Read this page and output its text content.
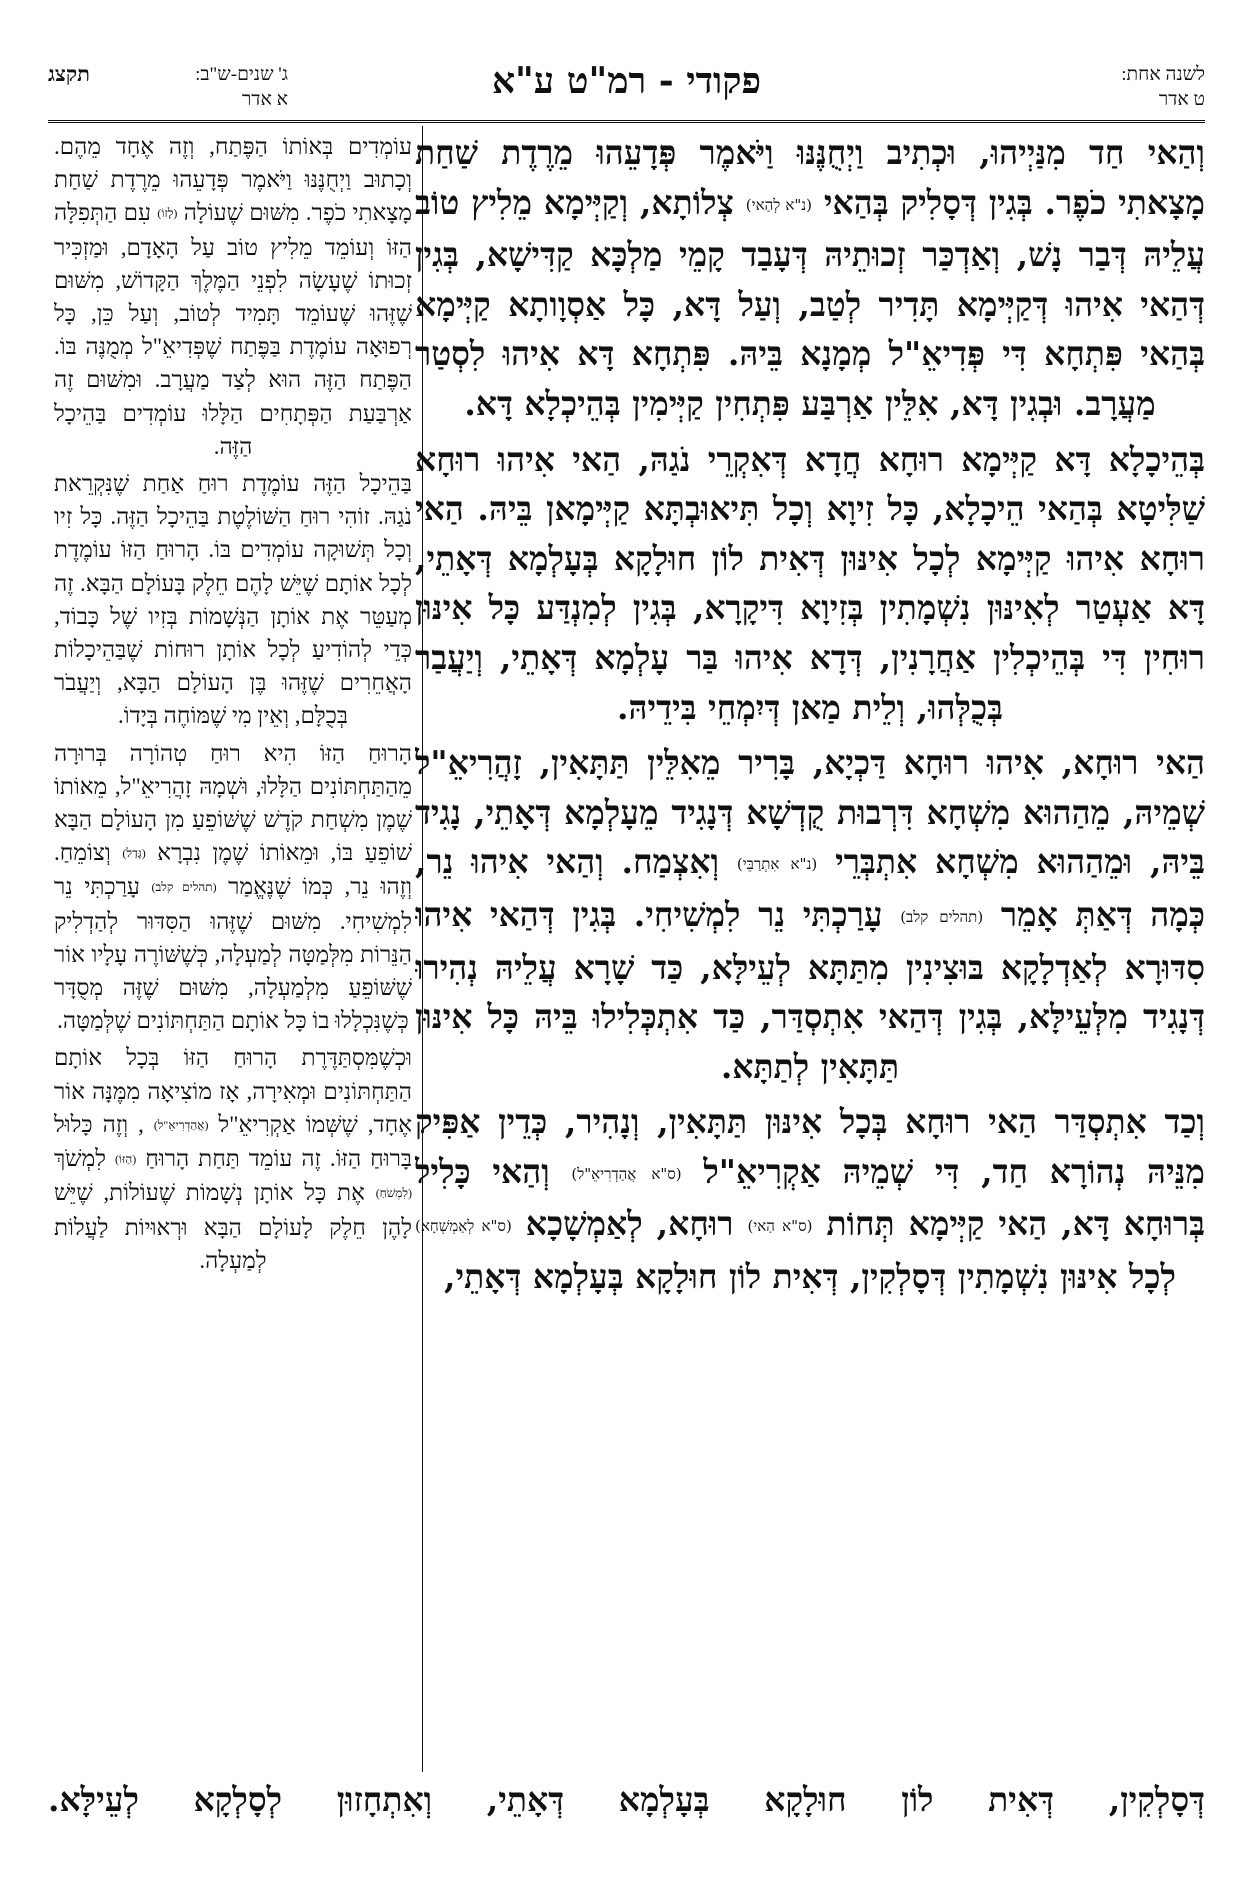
לשנה אחת:
ט אדר
פקודי - רמ"ט ע"א
ג' שנים-ש"ב:
תקצג
א אדר

וְהַאי חַד מִנַּיְיהוּ, וּכְתִיב וַיְחֻנֶּנּוּ וַיֹּאמֶר פְּדָעֵהוּ מֵרֶדֶת שַׁחַת מָצָאתִי כֹפֶר. בְּגִין דְּסָלִיק בְּהַאי (נ"א לְהַאי) צְלוֹתָא, וְקַיְּימָא מֵלִיץ טוֹב עֲלֵיהּ דְּבַר נָשׁ, וְאַדְכַּר זְכוּתֵיהּ דְּעָבַד קָמֵי מַלְכָּא קַדִּישָׁא, בְּגִין דְּהַאי אִיהוּ דְּקַיְּימָא תָּדִיר לְטַב, וְעַל דָּא, כָּל אַסְוָותָא קַיְּימָא בְּהַאי פִּתְחָא דִּי פְּדִיאֵ"ל מְמָנָא בֵּיהּ. פִּתְחָא דָּא אִיהוּ לִסְטַר מַעֲרָב. וּבְגִין דָּא, אִלֵּין אַרְבַּע פִּתְחִין קַיְּימִין בְּהֵיכְלָא דָּא.

בְּהֵיכָלָא דָּא קַיְּימָא רוּחָא חֲדָא דְּאִקְרֵי נֹגַהּ, הַאי אִיהוּ רוּחָא שַׁלִּיטָא בְּהַאי הֵיכָלָא, כָּל זִיוָא וְכָל תִּיאוּבְתָּא קַיְּימָאן בֵּיהּ. הַאי רוּחָא אִיהוּ קַיְּימָא לְכָל אִינּוּן דְּאִית לוֹן חוּלָקָא בְּעָלְמָא דְּאָתֵי, דָּא אַעְטַר לְאִינּוּן נִשְׁמָתִין בְּזִיוָא דִּיקָרָא, בְּגִין לְמִנְדַּע כָּל אִינּוּן רוּחִין דִּי בְּהֵיכְלִין אַחֲרָנִין, דְּדָא אִיהוּ בַּר עָלְמָא דְּאָתֵי, וְיַעֲבַר בְּכֻלְּהוּ, וְלֵית מַאן דְּיִמְחֵי בִּידֵיהּ.

הַאי רוּחָא, אִיהוּ רוּחָא דַּכְיָא, בָּרִיר מֵאִלֵּין תַּתָּאִין, זָהֲרִיאֵ"ל שְׁמֵיהּ, מֵהַהוּא מִשְׁחָא דִּרְבוּת קֻדְשָׁא דְּנָגִיד מֵעָלְמָא דְּאָתֵי, נָגִיד בֵּיהּ, וּמֵהַהוּא מִשְׁחָא אִתְבְּרֵי (נ"א אִתְרַבֵּי) וְאִצְמַח. וְהַאי אִיהוּ נֵר, כְּמָה דְּאַתְּ אָמֵר (תהלים קלב) עָרַכְתִּי נֵר לִמְשִׁיחִי. בְּגִין דְּהַאי אִיהוּ סִדּוּרָא לְאַדְלָקָא בּוּצִינִין מִתַּתָּא לְעֵילָּא, כַּד שָׁרָא עֲלֵיהּ נְהִירוּ דְּנָגִיד מִלְּעֵילָּא, בְּגִין דְּהַאי אִתְסְדַּר, כַּד אִתְכְּלִילוּ בֵּיהּ כָּל אִינּוּן תַּתָּאִין לְתַתָּא.

וְכַד אִתְסְדַּר הַאי רוּחָא בְּכָל אִינּוּן תַּתָּאִין, וְנָהִיר, כְּדֵין אַפִּיק מִנֵּיהּ נְהוֹרָא חַד, דִּי שְׁמֵיהּ אַקְרִיאֵ"ל (ס"א אֲהַדְרִיאֵ"ל) וְהַאי כָּלִיל בְּרוּחָא דָּא, הַאי קַיְּימָא תְּחוֹת (ס"א הַאי) רוּחָא, לְאַמְשָׁכָא (ס"א לְאַמְשְׁחָא) לְכָל אִינּוּן נִשְׁמָתִין דְּסָלְקִין, דְּאִית לוֹן חוּלָקָא בְּעָלְמָא דְּאָתֵי,

עוֹמְדִים בְּאוֹתוֹ הַפֶּתַח, וְזֶה אֶחָד מֵהֶם. וְכָתוּב וַיְחֻנֶּנּוּ וַיֹּאמֶר פְּדָעֵהוּ מֵרֶדֶת שַׁחַת מָצָאתִי כֹפֶר. מִשּׁוּם שֶׁעוֹלָה (לָזוֹ) עִם הַתְּפִלָּה הַזּוֹ וְעוֹמֵד מֵלִיץ טוֹב עַל הָאָדָם, וּמַזְכִּיר זְכוּתוֹ שֶׁעָשָׂה לִפְנֵי הַמֶּלֶךְ הַקָּדוֹשׁ, מִשּׁוּם שֶׁזֶּהוּ שֶׁעוֹמֵד תָּמִיד לְטוֹב, וְעַל כֵּן, כָּל רְפוּאָה עוֹמֶדֶת בַּפֶּתַח שֶׁפְּדִיאֵ"ל מְמֻנֶּה בּוֹ. הַפֶּתַח הַזֶּה הוּא לְצַד מַעֲרָב. וּמִשּׁוּם זֶה אַרְבַּעַת הַפְּתָחִים הַלָּלוּ עוֹמְדִים בַּהֵיכָל הַזֶּה.

בַּהֵיכָל הַזֶּה עוֹמֶדֶת רוּחַ אַחַת שֶׁנִּקְרֵאת נֹגַהּ. זוֹהִי רוּחַ הַשּׁוֹלֶטֶת בַּהֵיכָל הַזֶּה. כָּל זִיו וְכָל תְּשׁוּקָה עוֹמְדִים בּוֹ. הָרוּחַ הַזּוֹ עוֹמֶדֶת לְכָל אוֹתָם שֶׁיֵּשׁ לָהֶם חֵלֶק בָּעוֹלָם הַבָּא. זֶה מְעַטֵּר אֶת אוֹתָן הַנְּשָׁמוֹת בְּזִיו שֶׁל כָּבוֹד, כְּדֵי לְהוֹדִיעַ לְכָל אוֹתָן רוּחוֹת שֶׁבַּהֵיכָלוֹת הָאֲחֵרִים שֶׁזֶּהוּ בֶּן הָעוֹלָם הַבָּא, וְיַעֲבֹר בְּכֻלָּם, וְאֵין מִי שֶׁמּוֹחֶה בְּיָדוֹ.

הָרוּחַ הַזּוֹ הִיא רוּחַ טְהוֹרָה בְּרוּרָה מֵהַתַּחְתּוֹנִים הַלָּלוּ, וּשְׁמָהּ זָהֲרִיאֵ"ל, מֵאוֹתוֹ שֶׁמֶן מִשְׁחַת קֹדֶשׁ שֶׁשּׁוֹפֵעַ מִן הָעוֹלָם הַבָּא שׁוֹפֵעַ בּוֹ, וּמֵאוֹתוֹ שֶׁמֶן נִבְרָא (גָּדַל) וְצוֹמֵחַ. וְזֶהוּ נֵר, כְּמוֹ שֶׁנֶּאֱמַר (תהלים קלב) עָרַכְתִּי נֵר לִמְשִׁיחִי. מִשּׁוּם שֶׁזֶּהוּ הַסִּדּוּר לְהַדְלִיק הַנֵּרוֹת מִלְּמַטָּה לְמַעְלָה, כְּשֶׁשּׁוֹרֶה עָלָיו אוֹר שֶׁשּׁוֹפֵעַ מִלְמַעְלָה, מִשּׁוּם שֶׁזֶּה מְסֻדָּר כְּשֶׁנִּכְלָלוּ בוֹ כָּל אוֹתָם הַתַּחְתּוֹנִים שֶׁלְּמַטָּה.

וּכְשֶׁמִּסְתַּדֶּרֶת הָרוּחַ הַזּוֹ בְּכָל אוֹתָם הַתַּחְתּוֹנִים וּמְאִירָה, אָז מוֹצִיאָה מִמֶּנָּה אוֹר אֶחָד, שֶׁשְּׁמוֹ אַקְרִיאֵ"ל (אֲהַדְרִיאֵ"ל) , וְזֶה כָּלוּל בָּרוּחַ הַזּוֹ. זֶה עוֹמֵד תַּחַת הָרוּחַ (הַזּוֹ) לִמְשֹׁךְ (לִמְשֹׁחַ) אֶת כָּל אוֹתָן נְשָׁמוֹת שֶׁעוֹלוֹת, שֶׁיֵּשׁ לָהֶן חֵלֶק לָעוֹלָם הַבָּא וּרְאוּיוֹת לַעֲלוֹת לְמַעְלָה.

דְּסָלְקִין, דְּאִית לוֹן חוּלָקָא בְּעָלְמָא דְּאָתֵי, וְאִתְחָזוּן לְסָלְקָא לְעֵילָּא.
